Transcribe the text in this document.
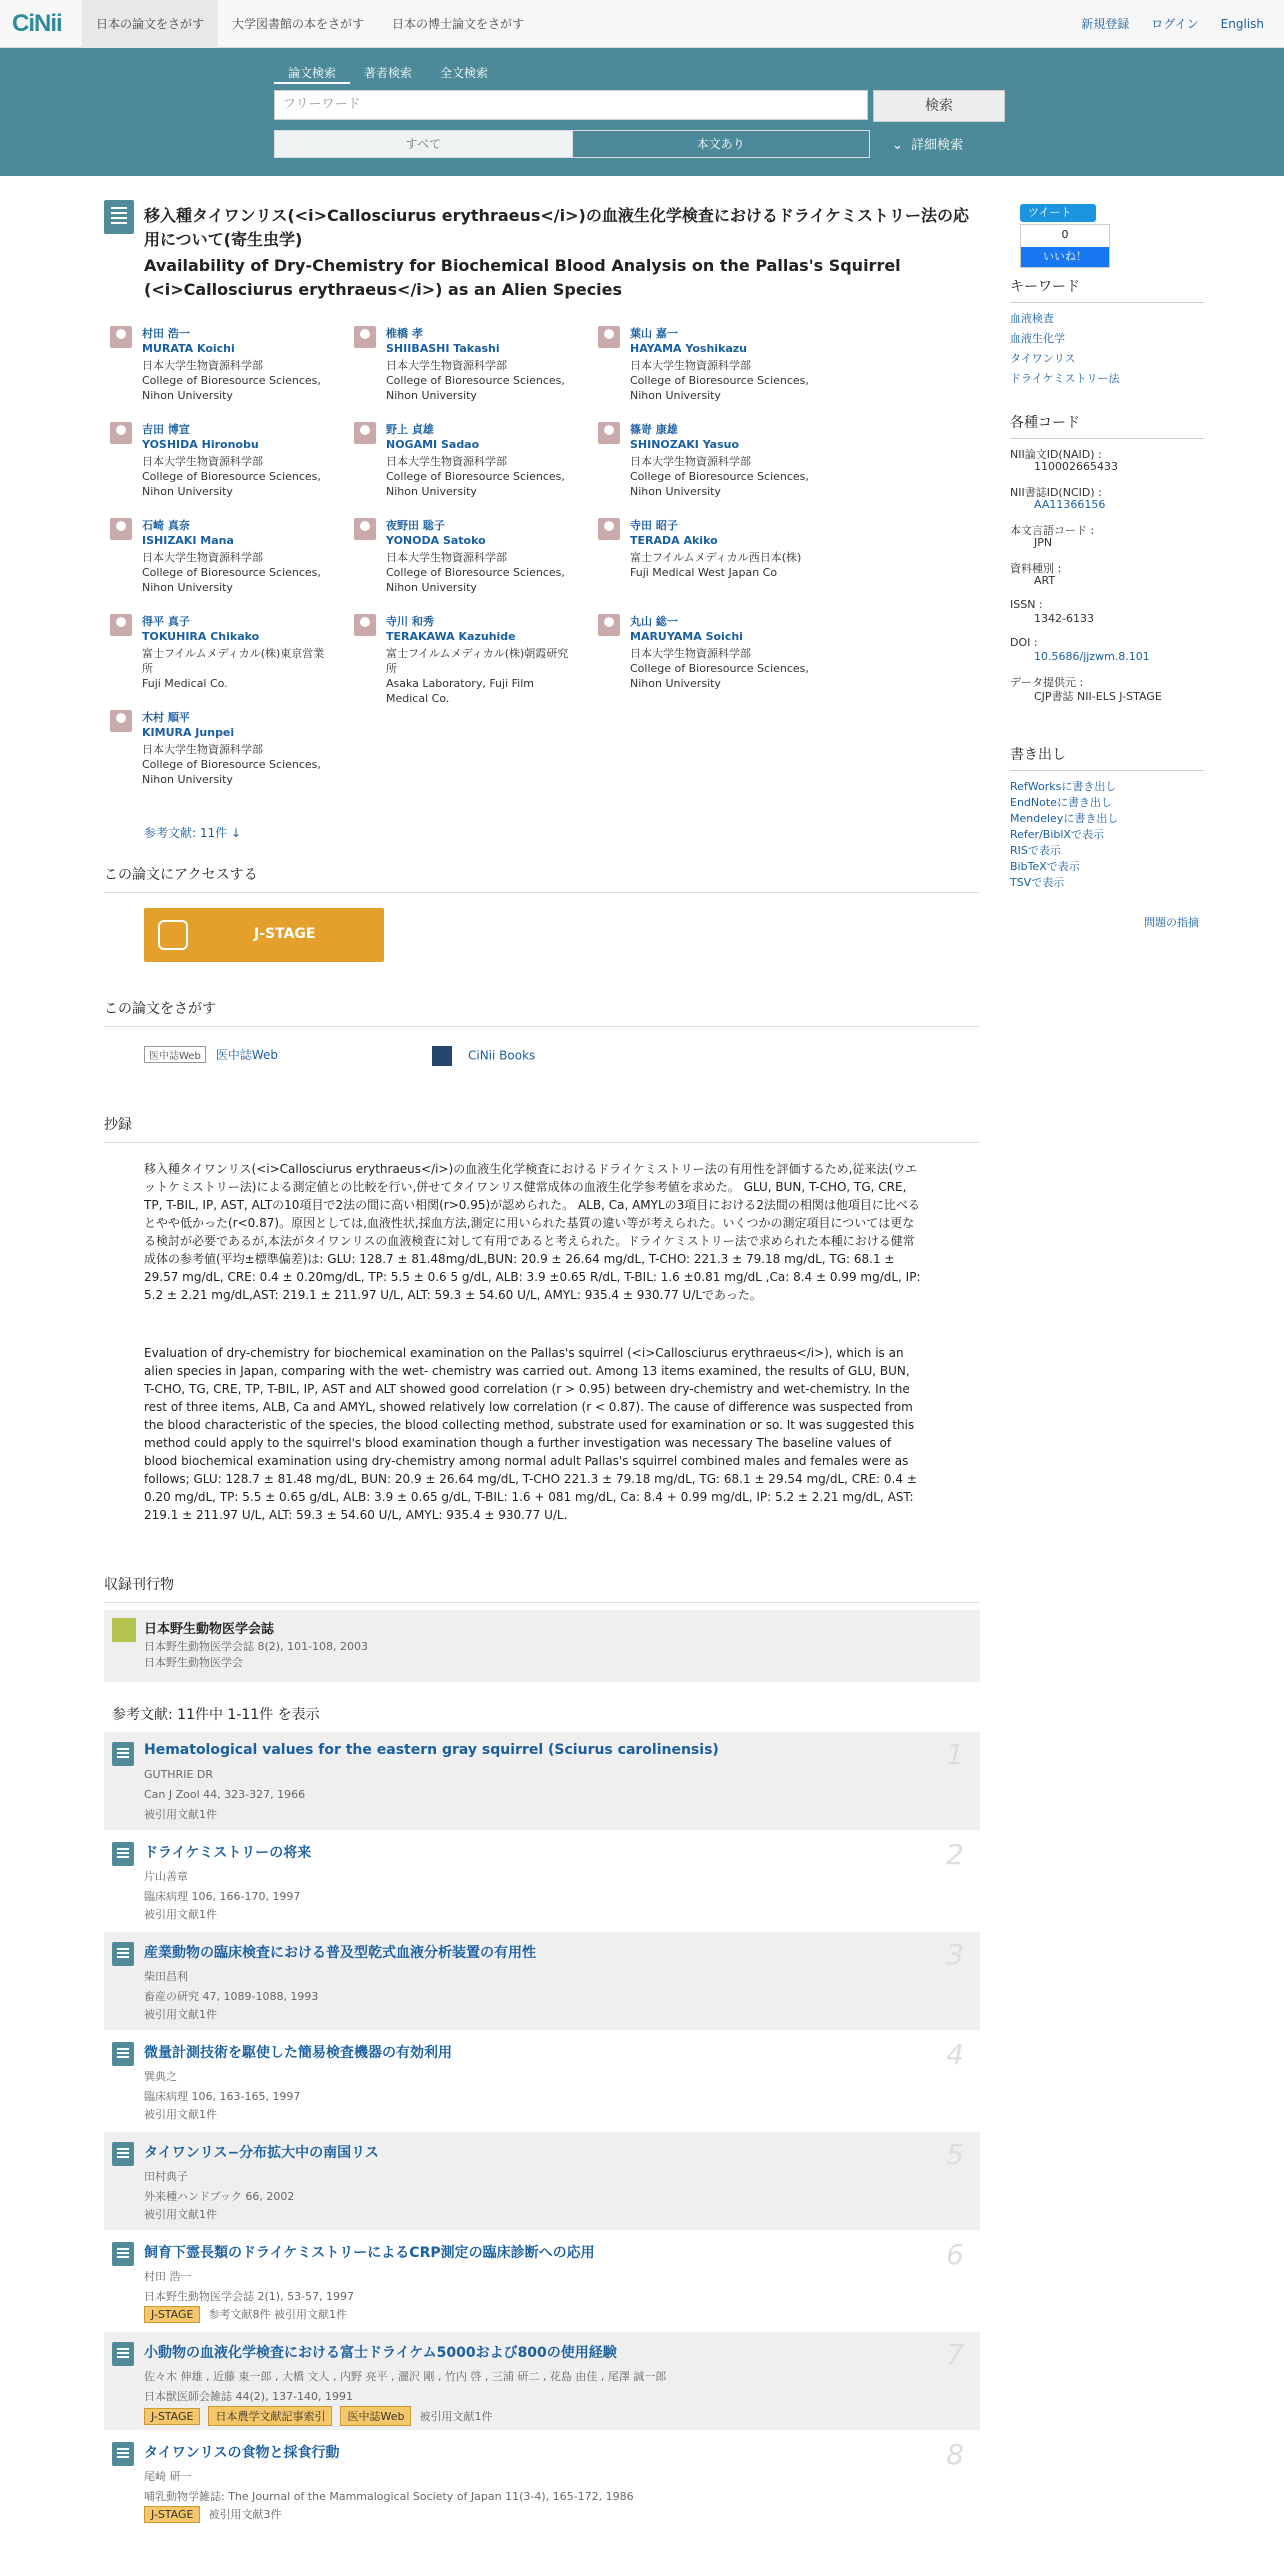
CiNii	日本の論文をさがす	大学図書館の本をさがす	日本の博士論文をさがす	新規登録 ログイン English
論文検索	著者検索	全文検索
フリーワード	検索
すべて	本文あり	⌄ 詳細検索
移入種タイワンリス(<i>Callosciurus erythraeus</i>)の血液生化学検査におけるドライケミストリー法の応用について(寄生虫学)
Availability of Dry-Chemistry for Biochemical Blood Analysis on the Pallas's Squirrel (<i>Callosciurus erythraeus</i>) as an Alien Species
村田 浩一
MURATA Koichi
日本大学生物資源科学部
College of Bioresource Sciences, Nihon University
椎橋 孝
SHIIBASHI Takashi
日本大学生物資源科学部
College of Bioresource Sciences, Nihon University
葉山 嘉一
HAYAMA Yoshikazu
日本大学生物資源科学部
College of Bioresource Sciences, Nihon University
吉田 博宣
YOSHIDA Hironobu
日本大学生物資源科学部
College of Bioresource Sciences, Nihon University
野上 貞雄
NOGAMI Sadao
日本大学生物資源科学部
College of Bioresource Sciences, Nihon University
篠嵜 康雄
SHINOZAKI Yasuo
日本大学生物資源科学部
College of Bioresource Sciences, Nihon University
石崎 真奈
ISHIZAKI Mana
日本大学生物資源科学部
College of Bioresource Sciences, Nihon University
夜野田 聡子
YONODA Satoko
日本大学生物資源科学部
College of Bioresource Sciences, Nihon University
寺田 昭子
TERADA Akiko
富士フイルムメディカル西日本(株)
Fuji Medical West Japan Co
得平 真子
TOKUHIRA Chikako
富士フイルムメディカル(株)東京営業所
Fuji Medical Co.
寺川 和秀
TERAKAWA Kazuhide
富士フイルムメディカル(株)朝霞研究所
Asaka Laboratory, Fuji Film Medical Co.
丸山 総一
MARUYAMA Soichi
日本大学生物資源科学部
College of Bioresource Sciences, Nihon University
木村 順平
KIMURA Junpei
日本大学生物資源科学部
College of Bioresource Sciences, Nihon University
参考文献: 11件 ↓
この論文にアクセスする
J-STAGE
この論文をさがす
医中誌Web 医中誌Web	CiNii Books
抄録
移入種タイワンリス(<i>Callosciurus erythraeus</i>)の血液生化学検査におけるドライケミストリー法の有用性を評価するため,従来法(ウエットケミストリー法)による測定値との比較を行い,併せてタイワンリス健常成体の血液生化学参考値を求めた。 GLU, BUN, T-CHO, TG, CRE, TP, T-BIL, IP, AST, ALTの10項目で2法の間に高い相関(r>0.95)が認められた。 ALB, Ca, AMYLの3項目における2法間の相関は他項目に比べるとやや低かった(r<0.87)。原因としては,血液性状,採血方法,測定に用いられた基質の違い等が考えられた。いくつかの測定項目については更なる検討が必要であるが,本法がタイワンリスの血液検査に対して有用であると考えられた。ドライケミストリー法で求められた本種における健常成体の参考値(平均±標準偏差)は: GLU: 128.7 ± 81.48mg/dL,BUN: 20.9 ± 26.64 mg/dL, T-CHO: 221.3 ± 79.18 mg/dL, TG: 68.1 ± 29.57 mg/dL, CRE: 0.4 ± 0.20mg/dL, TP: 5.5 ± 0.6 5 g/dL, ALB: 3.9 ±0.65 R/dL, T-BIL: 1.6 ±0.81 mg/dL ,Ca: 8.4 ± 0.99 mg/dL, IP: 5.2 ± 2.21 mg/dL,AST: 219.1 ± 211.97 U/L, ALT: 59.3 ± 54.60 U/L, AMYL: 935.4 ± 930.77 U/Lであった。
Evaluation of dry-chemistry for biochemical examination on the Pallas's squirrel (<i>Callosciurus erythraeus</i>), which is an alien species in Japan, comparing with the wet- chemistry was carried out. Among 13 items examined, the results of GLU, BUN, T-CHO, TG, CRE, TP, T-BIL, IP, AST and ALT showed good correlation (r > 0.95) between dry-chemistry and wet-chemistry. In the rest of three items, ALB, Ca and AMYL, showed relatively low correlation (r < 0.87). The cause of difference was suspected from the blood characteristic of the species, the blood collecting method, substrate used for examination or so. It was suggested this method could apply to the squirrel's blood examination though a further investigation was necessary The baseline values of blood biochemical examination using dry-chemistry among normal adult Pallas's squirrel combined males and females were as follows; GLU: 128.7 ± 81.48 mg/dL, BUN: 20.9 ± 26.64 mg/dL, T-CHO 221.3 ± 79.18 mg/dL, TG: 68.1 ± 29.54 mg/dL, CRE: 0.4 ± 0.20 mg/dL, TP: 5.5 ± 0.65 g/dL, ALB: 3.9 ± 0.65 g/dL, T-BIL: 1.6 + 081 mg/dL, Ca: 8.4 + 0.99 mg/dL, IP: 5.2 ± 2.21 mg/dL, AST: 219.1 ± 211.97 U/L, ALT: 59.3 ± 54.60 U/L, AMYL: 935.4 ± 930.77 U/L.
収録刊行物
日本野生動物医学会誌
日本野生動物医学会誌 8(2), 101-108, 2003
日本野生動物医学会
参考文献: 11件中 1-11件 を表示
Hematological values for the eastern gray squirrel (Sciurus carolinensis)
GUTHRIE DR
Can J Zool 44, 323-327, 1966
被引用文献1件
1
ドライケミストリーの将来
片山善章
臨床病理 106, 166-170, 1997
被引用文献1件
2
産業動物の臨床検査における普及型乾式血液分析装置の有用性
柴田昌利
畜産の研究 47, 1089-1088, 1993
被引用文献1件
3
微量計測技術を駆使した簡易検査機器の有効利用
巽典之
臨床病理 106, 163-165, 1997
被引用文献1件
4
タイワンリス−分布拡大中の南国リス
田村典子
外来種ハンドブック 66, 2002
被引用文献1件
5
飼育下霊長類のドライケミストリーによるCRP測定の臨床診断への応用
村田 浩一
日本野生動物医学会誌 2(1), 53-57, 1997
J-STAGE 参考文献8件 被引用文献1件
6
小動物の血液化学検査における富士ドライケム5000および800の使用経験
佐々木 伸雄 , 近藤 東一郎 , 大橋 文人 , 内野 亮平 , 灑沢 剛 , 竹内 啓 , 三浦 研二 , 花島 由佳 , 尾澤 誠一郎
日本獣医師会雑誌 44(2), 137-140, 1991
J-STAGE 日本農学文献記事索引 医中誌Web 被引用文献1件
7
タイワンリスの食物と採食行動
尾崎 研一
哺乳動物学雑誌: The Journal of the Mammalogical Society of Japan 11(3-4), 165-172, 1986
J-STAGE 被引用文献3件
8
ツイート
0
いいね！
キーワード
血液検査
血液生化学
タイワンリス
ドライケミストリー法
各種コード
NII論文ID(NAID) :
110002665433
NII書誌ID(NCID) :
AA11366156
本文言語コード :
JPN
資料種別 :
ART
ISSN :
1342-6133
DOI :
10.5686/jjzwm.8.101
データ提供元 :
CJP書誌 NII-ELS J-STAGE
書き出し
RefWorksに書き出し
EndNoteに書き出し
Mendeleyに書き出し
Refer/BiblXで表示
RISで表示
BibTeXで表示
TSVで表示
問題の指摘
